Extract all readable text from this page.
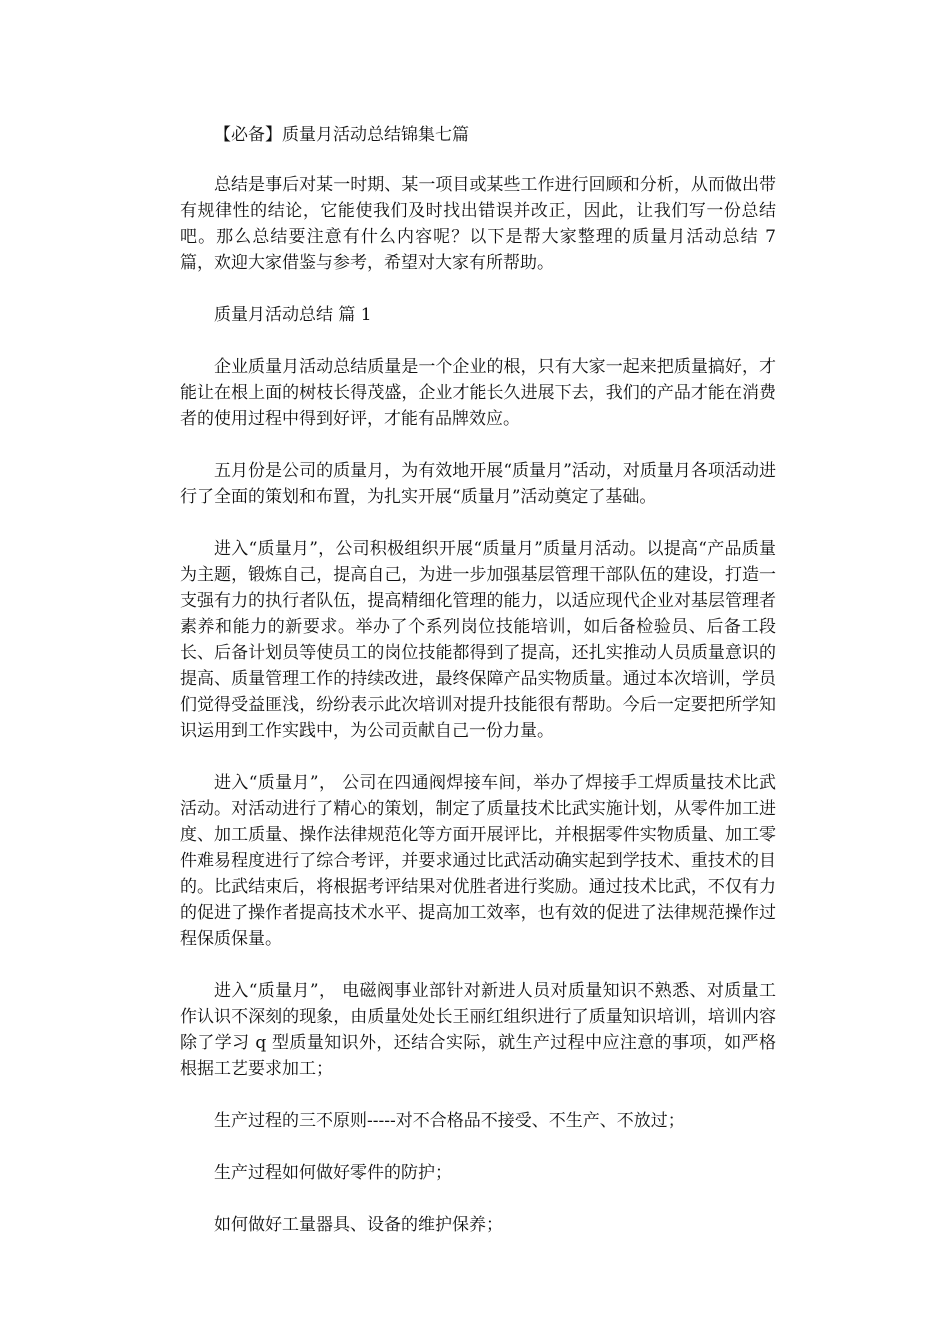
【必备】质量月活动总结锦集七篇

总结是事后对某一时期、某一项目或某些工作进行回顾和分析，从而做出带有规律性的结论，它能使我们及时找出错误并改正，因此，让我们写一份总结吧。那么总结要注意有什么内容呢？以下是帮大家整理的质量月活动总结 7 篇，欢迎大家借鉴与参考，希望对大家有所帮助。

质量月活动总结 篇 1

企业质量月活动总结质量是一个企业的根，只有大家一起来把质量搞好，才能让在根上面的树枝长得茂盛，企业才能长久进展下去，我们的产品才能在消费者的使用过程中得到好评，才能有品牌效应。

五月份是公司的质量月，为有效地开展“质量月”活动，对质量月各项活动进行了全面的策划和布置，为扎实开展“质量月”活动奠定了基础。

进入“质量月”，公司积极组织开展“质量月”质量月活动。以提高“产品质量为主题，锻炼自己，提高自己，为进一步加强基层管理干部队伍的建设，打造一支强有力的执行者队伍，提高精细化管理的能力，以适应现代企业对基层管理者素养和能力的新要求。举办了个系列岗位技能培训，如后备检验员、后备工段长、后备计划员等使员工的岗位技能都得到了提高，还扎实推动人员质量意识的提高、质量管理工作的持续改进，最终保障产品实物质量。通过本次培训，学员们觉得受益匪浅，纷纷表示此次培训对提升技能很有帮助。今后一定要把所学知识运用到工作实践中，为公司贡献自己一份力量。

进入“质量月”， 公司在四通阀焊接车间，举办了焊接手工焊质量技术比武活动。对活动进行了精心的策划，制定了质量技术比武实施计划，从零件加工进度、加工质量、操作法律规范化等方面开展评比，并根据零件实物质量、加工零件难易程度进行了综合考评，并要求通过比武活动确实起到学技术、重技术的目的。比武结束后，将根据考评结果对优胜者进行奖励。通过技术比武，不仅有力的促进了操作者提高技术水平、提高加工效率，也有效的促进了法律规范操作过程保质保量。

进入“质量月”， 电磁阀事业部针对新进人员对质量知识不熟悉、对质量工作认识不深刻的现象，由质量处处长王丽红组织进行了质量知识培训，培训内容除了学习 q 型质量知识外，还结合实际，就生产过程中应注意的事项，如严格根据工艺要求加工；

生产过程的三不原则-----对不合格品不接受、不生产、不放过；

生产过程如何做好零件的防护；

如何做好工量器具、设备的维护保养；
